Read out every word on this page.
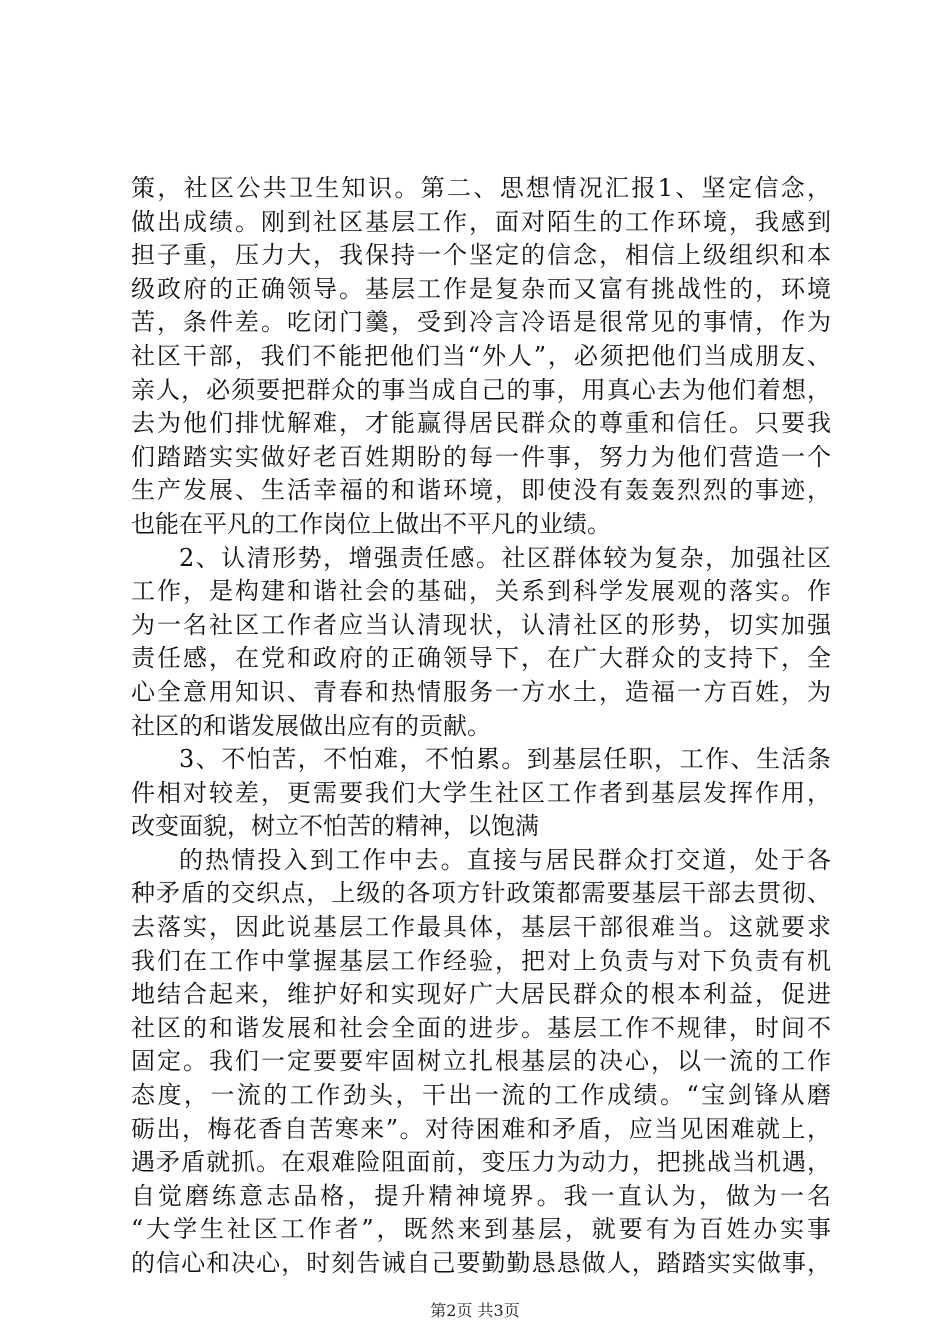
策，社区公共卫生知识。第二、思想情况汇报1、坚定信念，
做出成绩。刚到社区基层工作，面对陌生的工作环境，我感到
担子重，压力大，我保持一个坚定的信念，相信上级组织和本
级政府的正确领导。基层工作是复杂而又富有挑战性的，环境
苦，条件差。吃闭门羹，受到冷言冷语是很常见的事情，作为
社区干部，我们不能把他们当“外人”，必须把他们当成朋友、
亲人，必须要把群众的事当成自己的事，用真心去为他们着想，
去为他们排忧解难，才能赢得居民群众的尊重和信任。只要我
们踏踏实实做好老百姓期盼的每一件事，努力为他们营造一个
生产发展、生活幸福的和谐环境，即使没有轰轰烈烈的事迹，
也能在平凡的工作岗位上做出不平凡的业绩。
2、认清形势，增强责任感。社区群体较为复杂，加强社区
工作，是构建和谐社会的基础，关系到科学发展观的落实。作
为一名社区工作者应当认清现状，认清社区的形势，切实加强
责任感，在党和政府的正确领导下，在广大群众的支持下，全
心全意用知识、青春和热情服务一方水土，造福一方百姓，为
社区的和谐发展做出应有的贡献。
3、不怕苦，不怕难，不怕累。到基层任职，工作、生活条
件相对较差，更需要我们大学生社区工作者到基层发挥作用，
改变面貌，树立不怕苦的精神，以饱满
的热情投入到工作中去。直接与居民群众打交道，处于各
种矛盾的交织点，上级的各项方针政策都需要基层干部去贯彻、
去落实，因此说基层工作最具体，基层干部很难当。这就要求
我们在工作中掌握基层工作经验，把对上负责与对下负责有机
地结合起来，维护好和实现好广大居民群众的根本利益，促进
社区的和谐发展和社会全面的进步。基层工作不规律，时间不
固定。我们一定要要牢固树立扎根基层的决心，以一流的工作
态度，一流的工作劲头，干出一流的工作成绩。“宝剑锋从磨
砺出，梅花香自苦寒来”。对待困难和矛盾，应当见困难就上，
遇矛盾就抓。在艰难险阻面前，变压力为动力，把挑战当机遇，
自觉磨练意志品格，提升精神境界。我一直认为，做为一名
“大学生社区工作者”，既然来到基层，就要有为百姓办实事
的信心和决心，时刻告诫自己要勤勤恳恳做人，踏踏实实做事，
第2页 共3页
